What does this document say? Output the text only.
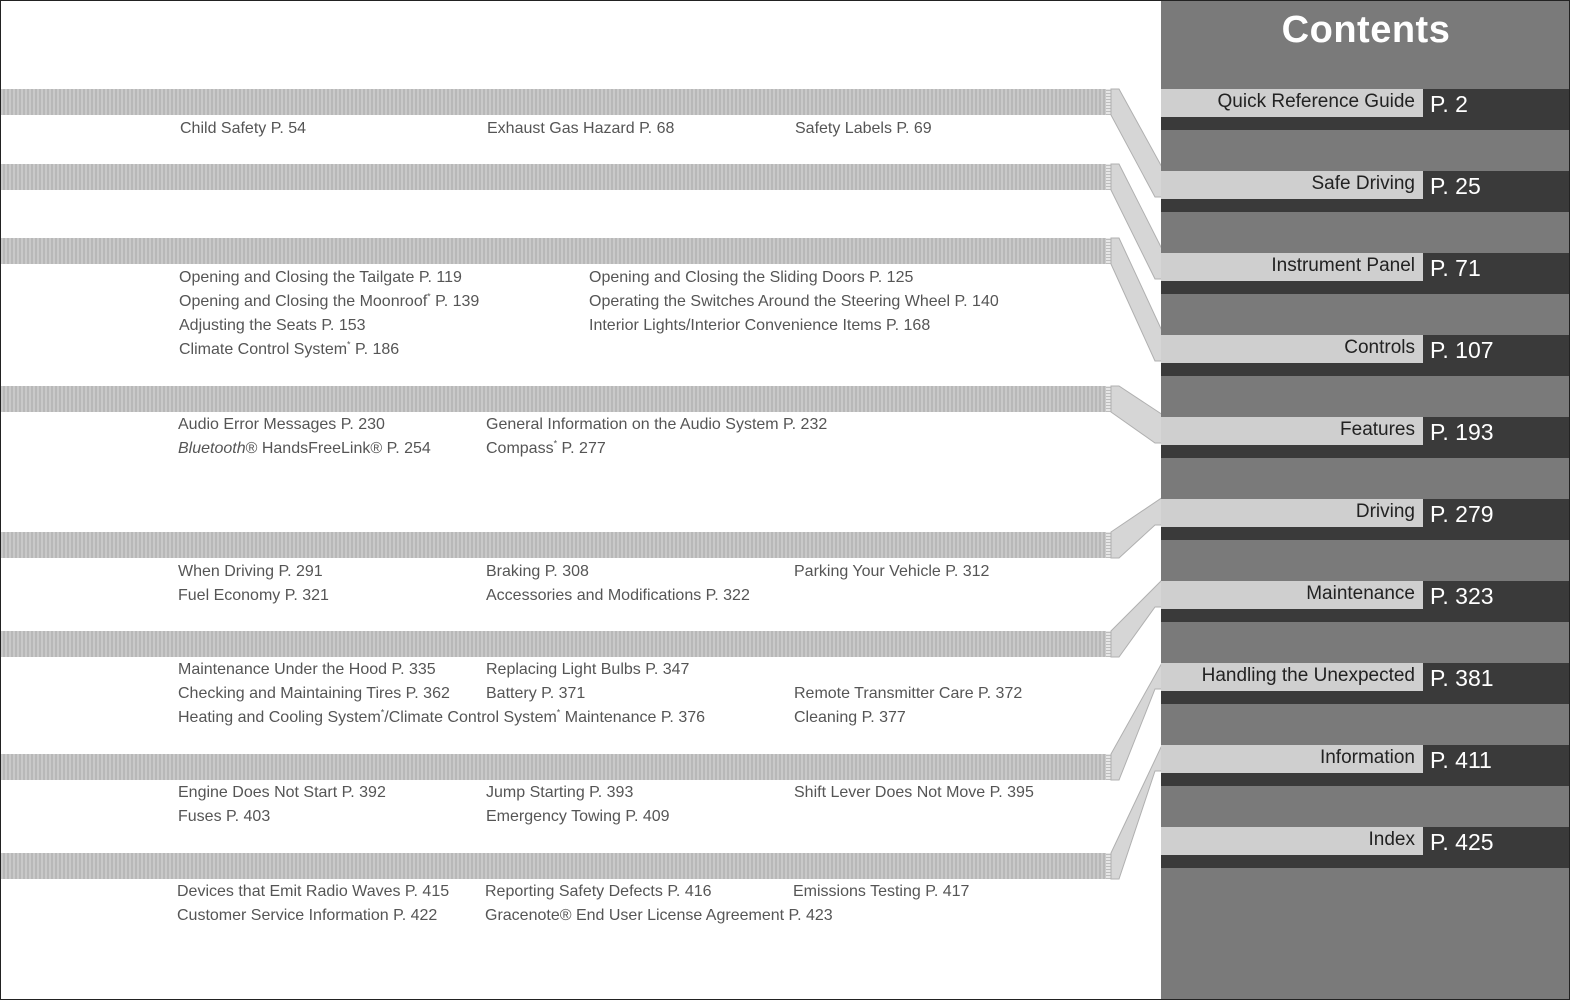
Child Safety P. 54	Exhaust Gas Hazard P. 68	Safety Labels P. 69
Opening and Closing the Tailgate P. 119	Opening and Closing the Sliding Doors P. 125
Opening and Closing the Moonroof* P. 139	Operating the Switches Around the Steering Wheel P. 140
Adjusting the Seats P. 153	Interior Lights/Interior Convenience Items P. 168
Climate Control System* P. 186
Audio Error Messages P. 230	General Information on the Audio System P. 232
Bluetooth® HandsFreeLink® P. 254	Compass* P. 277
When Driving P. 291	Braking P. 308	Parking Your Vehicle P. 312
Fuel Economy P. 321	Accessories and Modifications P. 322
Maintenance Under the Hood P. 335	Replacing Light Bulbs P. 347
Checking and Maintaining Tires P. 362 Battery P. 371	Remote Transmitter Care P. 372
Heating and Cooling System*/Climate Control System* Maintenance P. 376	Cleaning P. 377
Engine Does Not Start P. 392	Jump Starting P. 393	Shift Lever Does Not Move P. 395
Fuses P. 403	Emergency Towing P. 409
Devices that Emit Radio Waves P. 415 Reporting Safety Defects P. 416	Emissions Testing P. 417
Customer Service Information P. 422	Gracenote® End User License Agreement P. 423
Contents
Quick Reference Guide P. 2
Safe Driving P. 25
Instrument Panel P. 71
Controls P. 107
Features P. 193
Driving P. 279
Maintenance P. 323
Handling the Unexpected P. 381
Information P. 411
Index P. 425
